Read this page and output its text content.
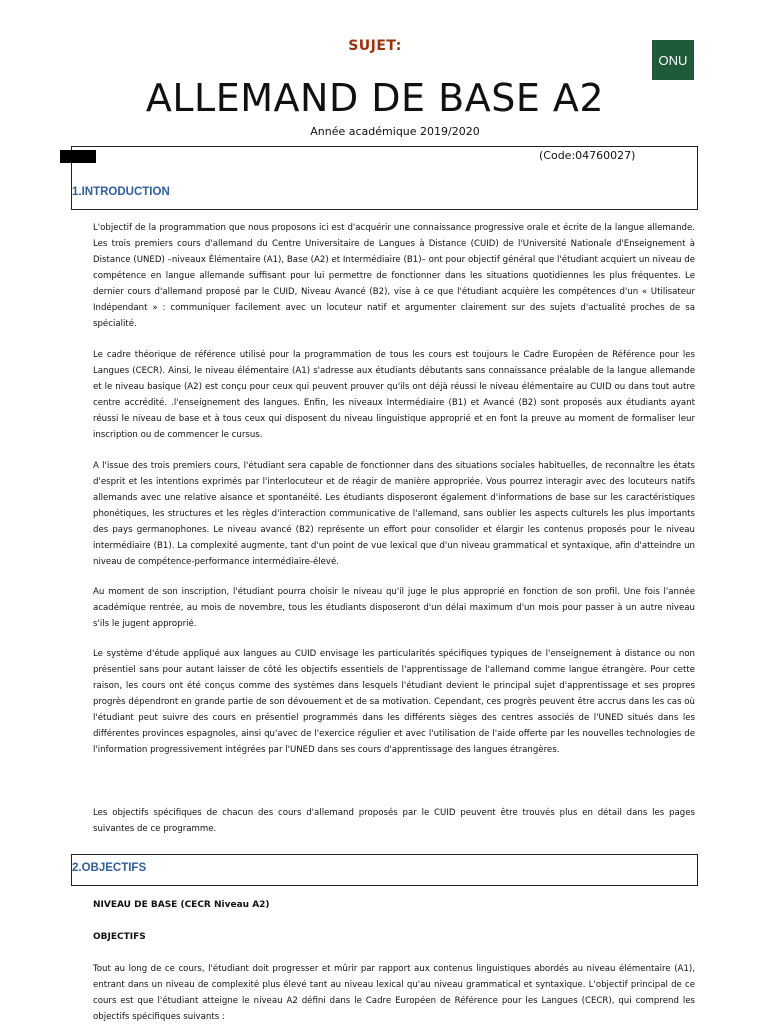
SUJET:
ONU
ALLEMAND DE BASE A2
Année académique 2019/2020
(Code:04760027)
1.INTRODUCTION

L'objectif de la programmation que nous proposons ici est d'acquérir une connaissance progressive orale et écrite de la langue allemande. Les trois premiers cours d'allemand du Centre Universitaire de Langues à Distance (CUID) de l'Université Nationale d'Enseignement à Distance (UNED) –niveaux Élémentaire (A1), Base (A2) et Intermédiaire (B1)– ont pour objectif général que l'étudiant acquiert un niveau de compétence en langue allemande suffisant pour lui permettre de fonctionner dans les situations quotidiennes les plus fréquentes. Le dernier cours d'allemand proposé par le CUID, Niveau Avancé (B2), vise à ce que l'étudiant acquière les compétences d'un « Utilisateur Indépendant » : communiquer facilement avec un locuteur natif et argumenter clairement sur des sujets d'actualité proches de sa spécialité.

Le cadre théorique de référence utilisé pour la programmation de tous les cours est toujours le Cadre Européen de Référence pour les Langues (CECR). Ainsi, le niveau élémentaire (A1) s'adresse aux étudiants débutants sans connaissance préalable de la langue allemande et le niveau basique (A2) est conçu pour ceux qui peuvent prouver qu'ils ont déjà réussi le niveau élémentaire au CUID ou dans tout autre centre accrédité. .l'enseignement des langues. Enfin, les niveaux Intermédiaire (B1) et Avancé (B2) sont proposés aux étudiants ayant réussi le niveau de base et à tous ceux qui disposent du niveau linguistique approprié et en font la preuve au moment de formaliser leur inscription ou de commencer le cursus.

A l'issue des trois premiers cours, l'étudiant sera capable de fonctionner dans des situations sociales habituelles, de reconnaître les états d'esprit et les intentions exprimés par l'interlocuteur et de réagir de manière appropriée. Vous pourrez interagir avec des locuteurs natifs allemands avec une relative aisance et spontanéité. Les étudiants disposeront également d'informations de base sur les caractéristiques phonétiques, les structures et les règles d'interaction communicative de l'allemand, sans oublier les aspects culturels les plus importants des pays germanophones. Le niveau avancé (B2) représente un effort pour consolider et élargir les contenus proposés pour le niveau intermédiaire (B1). La complexité augmente, tant d'un point de vue lexical que d'un niveau grammatical et syntaxique, afin d'atteindre un niveau de compétence-performance intermédiaire-élevé.

Au moment de son inscription, l'étudiant pourra choisir le niveau qu'il juge le plus approprié en fonction de son profil. Une fois l'année académique rentrée, au mois de novembre, tous les étudiants disposeront d'un délai maximum d'un mois pour passer à un autre niveau s'ils le jugent approprié.

Le système d'étude appliqué aux langues au CUID envisage les particularités spécifiques typiques de l'enseignement à distance ou non présentiel sans pour autant laisser de côté les objectifs essentiels de l'apprentissage de l'allemand comme langue étrangère. Pour cette raison, les cours ont été conçus comme des systèmes dans lesquels l'étudiant devient le principal sujet d'apprentissage et ses propres progrès dépendront en grande partie de son dévouement et de sa motivation. Cependant, ces progrès peuvent être accrus dans les cas où l'étudiant peut suivre des cours en présentiel programmés dans les différents sièges des centres associés de l'UNED situés dans les différentes provinces espagnoles, ainsi qu'avec de l'exercice régulier et avec l'utilisation de l'aide offerte par les nouvelles technologies de l'information progressivement intégrées par l'UNED dans ses cours d'apprentissage des langues étrangères.

Les objectifs spécifiques de chacun des cours d'allemand proposés par le CUID peuvent être trouvés plus en détail dans les pages suivantes de ce programme.

2.OBJECTIFS
NIVEAU DE BASE (CECR Niveau A2)
OBJECTIFS

Tout au long de ce cours, l'étudiant doit progresser et mûrir par rapport aux contenus linguistiques abordés au niveau élémentaire (A1), entrant dans un niveau de complexité plus élevé tant au niveau lexical qu'au niveau grammatical et syntaxique. L'objectif principal de ce cours est que l'étudiant atteigne le niveau A2 défini dans le Cadre Européen de Référence pour les Langues (CECR), qui comprend les objectifs spécifiques suivants :
